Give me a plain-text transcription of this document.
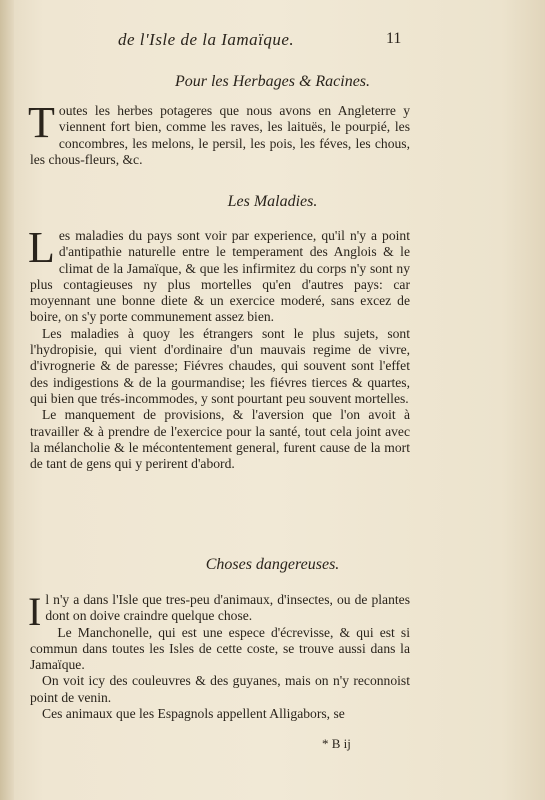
de l'Isle de la Iamaïque.	11
Pour les Herbages & Racines.

Toutes les herbes potageres que nous avons en Angleterre y viennent fort bien, comme les raves, les laituës, le pourpié, les concombres, les melons, le persil, les pois, les féves, les chous, les chous-fleurs, &c.

Les Maladies.

Les maladies du pays sont voir par experience, qu'il n'y a point d'antipathie naturelle entre le temperament des Anglois & le climat de la Jamaïque, & que les infirmitez du corps n'y sont ny plus contagieuses ny plus mortelles qu'en d'autres pays: car moyennant une bonne diete & un exercice moderé, sans excez de boire, on s'y porte communement assez bien.

Les maladies à quoy les étrangers sont le plus sujets, sont l'hydropisie, qui vient d'ordinaire d'un mauvais regime de vivre, d'ivrognerie & de paresse; Fiévres chaudes, qui souvent sont l'effet des indigestions & de la gourmandise; les fiévres tierces & quartes, qui bien que trés-incommodes, y sont pourtant peu souvent mortelles.

Le manquement de provisions, & l'aversion que l'on avoit à travailler & à prendre de l'exercice pour la santé, tout cela joint avec la mélancholie & le mécontentement general, furent cause de la mort de tant de gens qui y perirent d'abord.

Choses dangereuses.

Il n'y a dans l'Isle que tres-peu d'animaux, d'insectes, ou de plantes dont on doive craindre quelque chose.

Le Manchonelle, qui est une espece d'écrevisse, & qui est si commun dans toutes les Isles de cette coste, se trouve aussi dans la Jamaïque.

On voit icy des couleuvres & des guyanes, mais on n'y reconnoist point de venin.

Ces animaux que les Espagnols appellent Alligabors, se

* B ij
